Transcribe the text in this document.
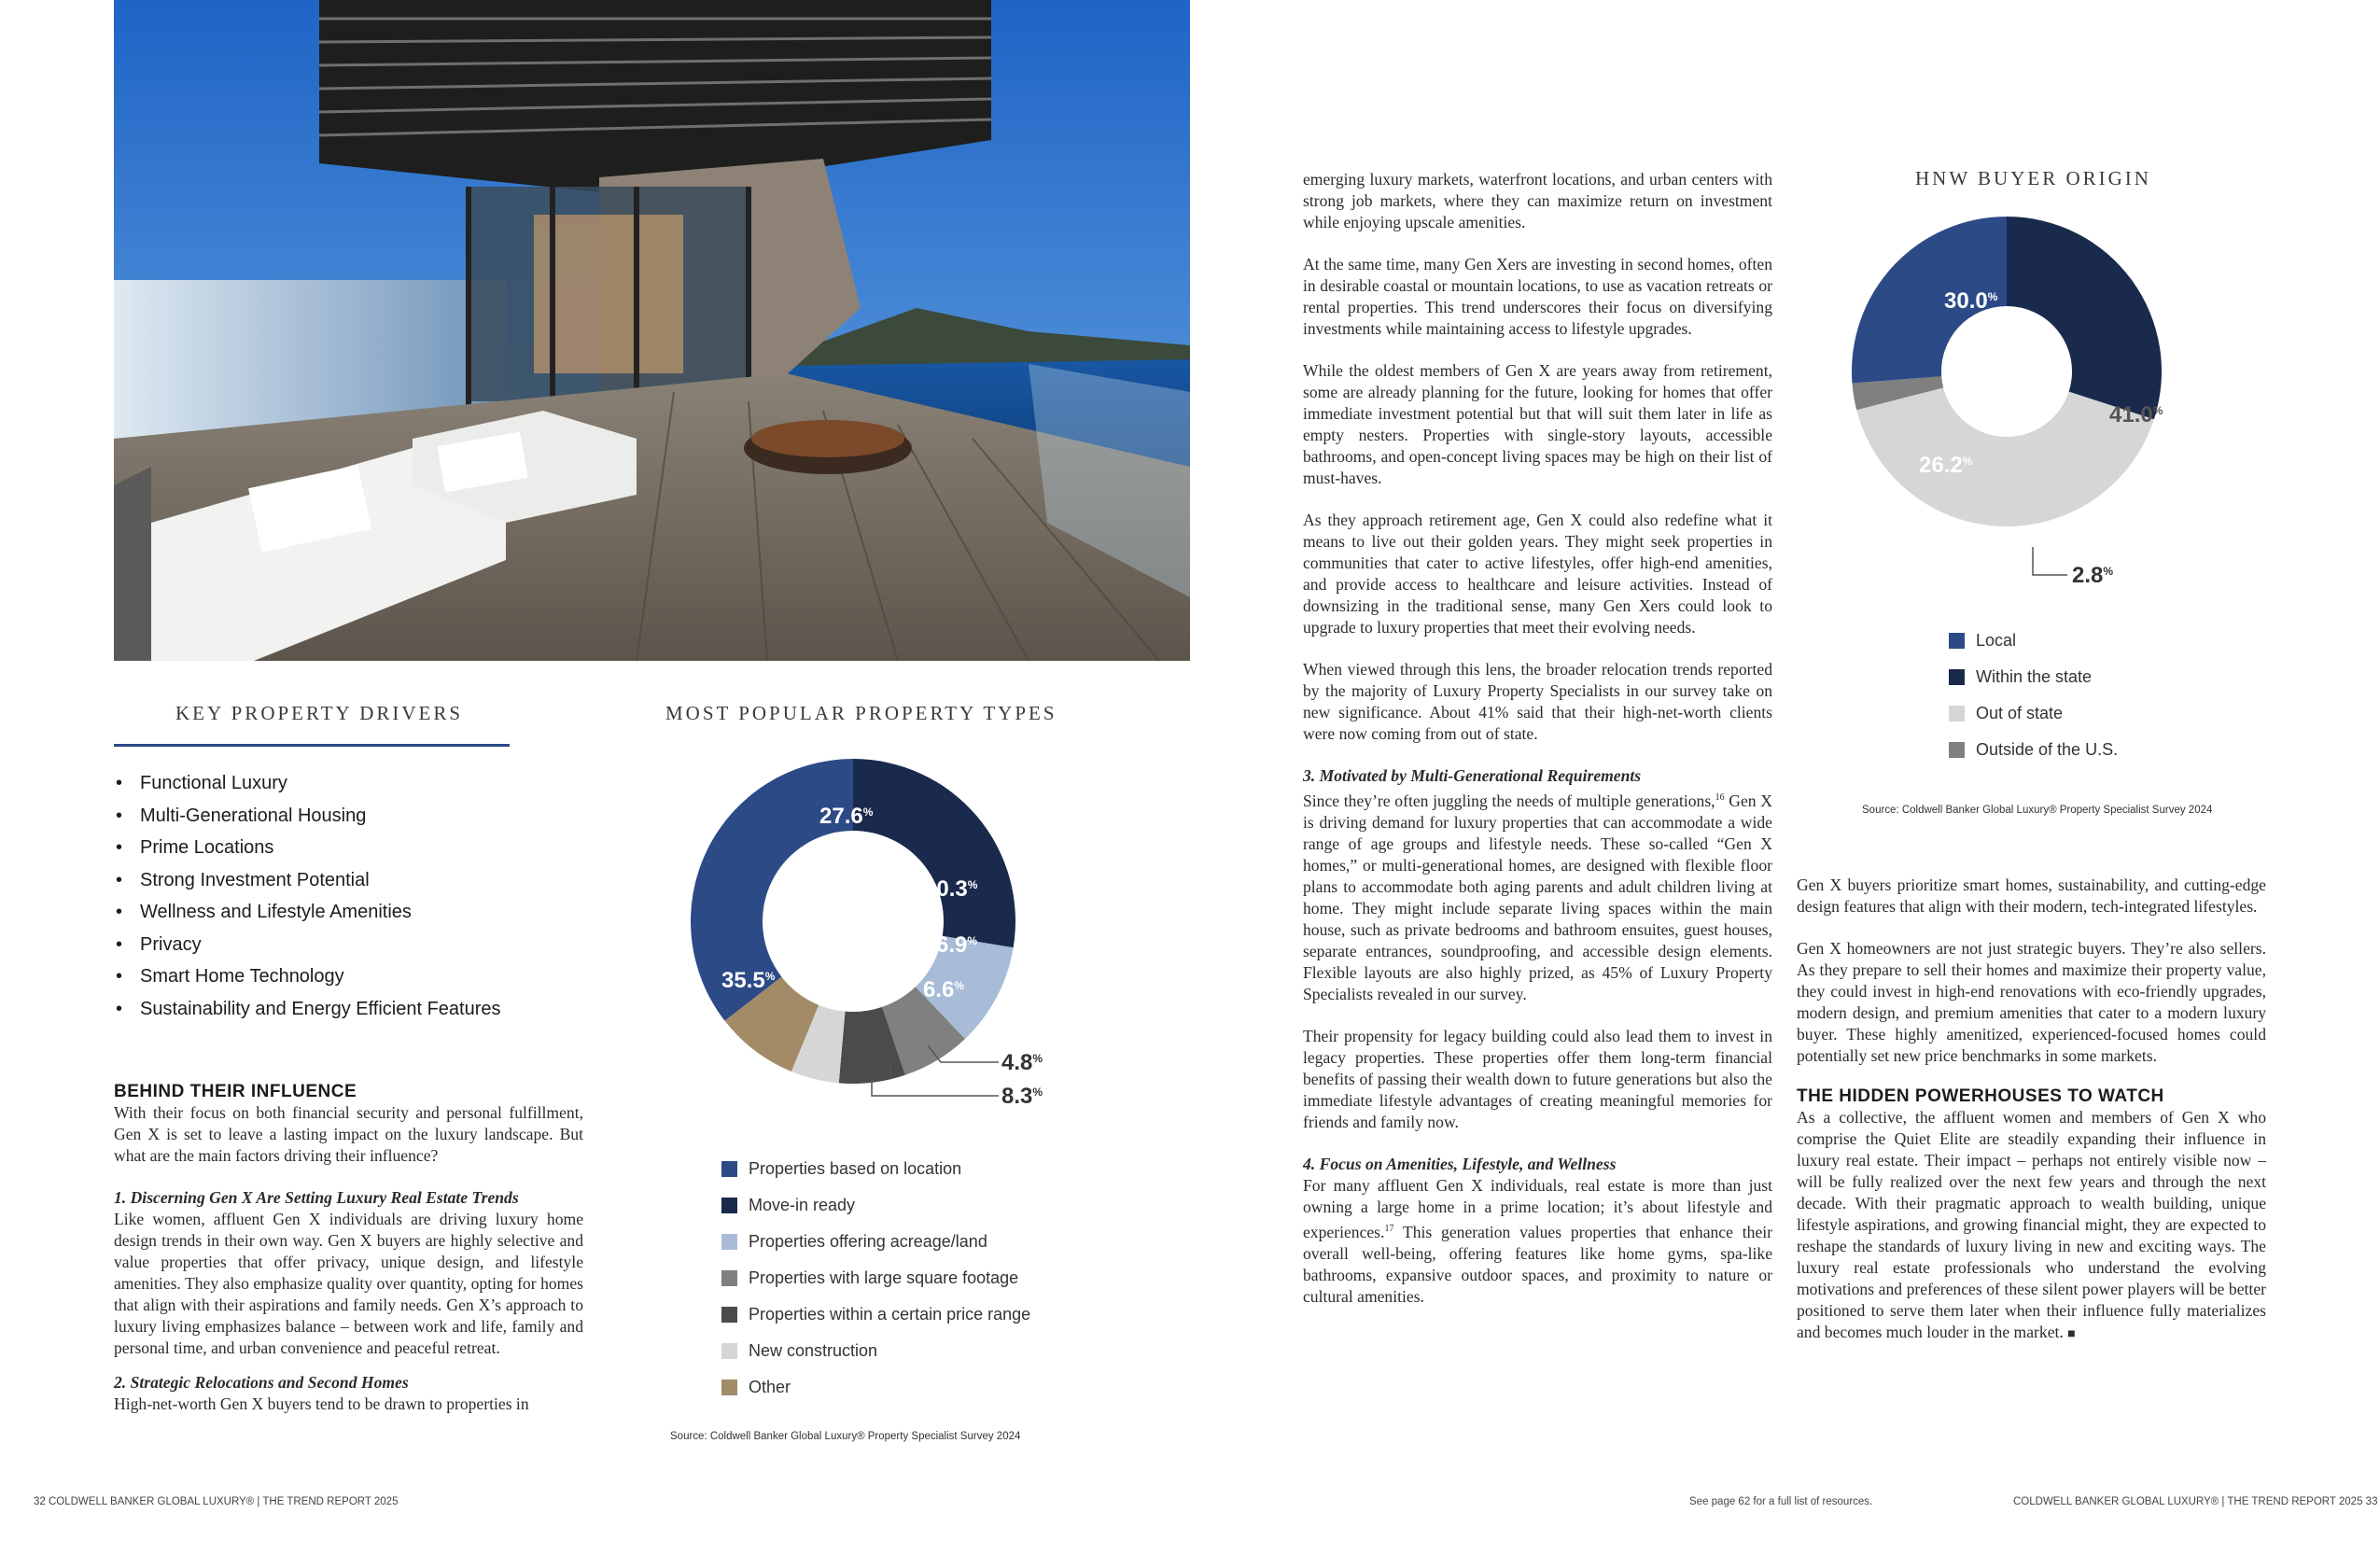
KEY PROPERTY DRIVERS
• Functional Luxury
• Multi-Generational Housing
• Prime Locations
• Strong Investment Potential
• Wellness and Lifestyle Amenities
• Privacy
• Smart Home Technology
• Sustainability and Energy Efficient Features
BEHIND THEIR INFLUENCE

With their focus on both financial security and personal fulfillment, Gen X is set to leave a lasting impact on the luxury landscape. But what are the main factors driving their influence?

1. Discerning Gen X Are Setting Luxury Real Estate Trends
Like women, affluent Gen X individuals are driving luxury home design trends in their own way. Gen X buyers are highly selective and value properties that offer privacy, unique design, and lifestyle amenities. They also emphasize quality over quantity, opting for homes that align with their aspirations and family needs. Gen X’s approach to luxury living emphasizes balance – between work and life, family and personal time, and urban convenience and peaceful retreat.

2. Strategic Relocations and Second Homes
High-net-worth Gen X buyers tend to be drawn to properties in

MOST POPULAR PROPERTY TYPES
27.6%
10.3%
6.9%
6.6%
4.8%
8.3%
35.5%
Properties based on location
Move-in ready
Properties offering acreage/land
Properties with large square footage
Properties within a certain price range
New construction
Other
Source: Coldwell Banker Global Luxury® Property Specialist Survey 2024

emerging luxury markets, waterfront locations, and urban centers with strong job markets, where they can maximize return on investment while enjoying upscale amenities.

At the same time, many Gen Xers are investing in second homes, often in desirable coastal or mountain locations, to use as vacation retreats or rental properties. This trend underscores their focus on diversifying investments while maintaining access to lifestyle upgrades.

While the oldest members of Gen X are years away from retirement, some are already planning for the future, looking for homes that offer immediate investment potential but that will suit them later in life as empty nesters. Properties with single-story layouts, accessible bathrooms, and open-concept living spaces may be high on their list of must-haves.

As they approach retirement age, Gen X could also redefine what it means to live out their golden years. They might seek properties in communities that cater to active lifestyles, offer high-end amenities, and provide access to healthcare and leisure activities. Instead of downsizing in the traditional sense, many Gen Xers could look to upgrade to luxury properties that meet their evolving needs.

When viewed through this lens, the broader relocation trends reported by the majority of Luxury Property Specialists in our survey take on new significance. About 41% said that their high-net-worth clients were now coming from out of state.

3. Motivated by Multi-Generational Requirements
Since they’re often juggling the needs of multiple generations,$^{16}$ Gen X is driving demand for luxury properties that can accommodate a wide range of age groups and lifestyle needs. These so-called “Gen X homes,” or multi-generational homes, are designed with flexible floor plans to accommodate both aging parents and adult children living at home. They might include separate living spaces within the main house, such as private bedrooms and bathroom ensuites, guest houses, separate entrances, soundproofing, and accessible design elements. Flexible layouts are also highly prized, as 45% of Luxury Property Specialists revealed in our survey.

Their propensity for legacy building could also lead them to invest in legacy properties. These properties offer them long-term financial benefits of passing their wealth down to future generations but also the immediate lifestyle advantages of creating meaningful memories for friends and family now.

4. Focus on Amenities, Lifestyle, and Wellness
For many affluent Gen X individuals, real estate is more than just owning a large home in a prime location; it’s about lifestyle and experiences.$^{17}$ This generation values properties that enhance their overall well-being, offering features like home gyms, spa-like bathrooms, expansive outdoor spaces, and proximity to nature or cultural amenities.

HNW BUYER ORIGIN
30.0%
41.0%
2.8%
26.2%
Local
Within the state
Out of state
Outside of the U.S.
Source: Coldwell Banker Global Luxury® Property Specialist Survey 2024

Gen X buyers prioritize smart homes, sustainability, and cutting-edge design features that align with their modern, tech-integrated lifestyles.

Gen X homeowners are not just strategic buyers. They’re also sellers. As they prepare to sell their homes and maximize their property value, they could invest in high-end renovations with eco-friendly upgrades, modern design, and premium amenities that cater to a modern luxury buyer. These highly amenitized, experienced-focused homes could potentially set new price benchmarks in some markets.

THE HIDDEN POWERHOUSES TO WATCH

As a collective, the affluent women and members of Gen X who comprise the Quiet Elite are steadily expanding their influence in luxury real estate. Their impact – perhaps not entirely visible now – will be fully realized over the next few years and through the next decade. With their pragmatic approach to wealth building, unique lifestyle aspirations, and growing financial might, they are expected to reshape the standards of luxury living in new and exciting ways. The luxury real estate professionals who understand the evolving motivations and preferences of these silent power players will be better positioned to serve them later when their influence fully materializes and becomes much louder in the market. ■

32 COLDWELL BANKER GLOBAL LUXURY® | THE TREND REPORT 2025	See page 62 for a full list of resources.	COLDWELL BANKER GLOBAL LUXURY® | THE TREND REPORT 2025 33
